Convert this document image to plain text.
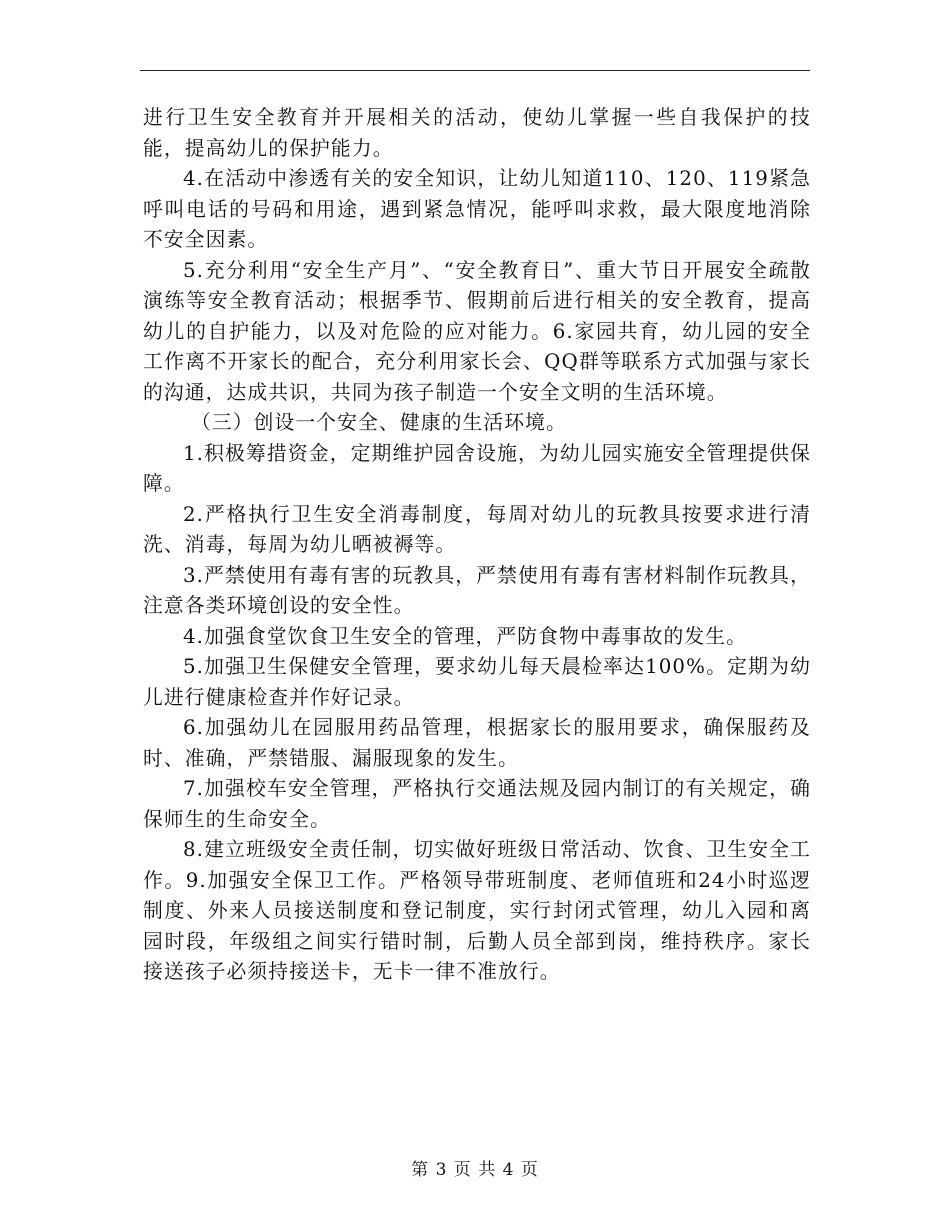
进行卫生安全教育并开展相关的活动，使幼儿掌握一些自我保护的技能，提高幼儿的保护能力。

4.在活动中渗透有关的安全知识，让幼儿知道110、120、119紧急呼叫电话的号码和用途，遇到紧急情况，能呼叫求救，最大限度地消除不安全因素。

5.充分利用“安全生产月”、“安全教育日”、重大节日开展安全疏散演练等安全教育活动；根据季节、假期前后进行相关的安全教育，提高幼儿的自护能力，以及对危险的应对能力。6.家园共育，幼儿园的安全工作离不开家长的配合，充分利用家长会、QQ群等联系方式加强与家长的沟通，达成共识，共同为孩子制造一个安全文明的生活环境。

（三）创设一个安全、健康的生活环境。

1.积极筹措资金，定期维护园舍设施，为幼儿园实施安全管理提供保障。

2.严格执行卫生安全消毒制度，每周对幼儿的玩教具按要求进行清洗、消毒，每周为幼儿晒被褥等。

3.严禁使用有毒有害的玩教具，严禁使用有毒有害材料制作玩教具，注意各类环境创设的安全性。

4.加强食堂饮食卫生安全的管理，严防食物中毒事故的发生。

5.加强卫生保健安全管理，要求幼儿每天晨检率达100%。定期为幼儿进行健康检查并作好记录。

6.加强幼儿在园服用药品管理，根据家长的服用要求，确保服药及时、准确，严禁错服、漏服现象的发生。

7.加强校车安全管理，严格执行交通法规及园内制订的有关规定，确保师生的生命安全。

8.建立班级安全责任制，切实做好班级日常活动、饮食、卫生安全工作。9.加强安全保卫工作。严格领导带班制度、老师值班和24小时巡逻制度、外来人员接送制度和登记制度，实行封闭式管理，幼儿入园和离园时段，年级组之间实行错时制，后勤人员全部到岗，维持秩序。家长接送孩子必须持接送卡，无卡一律不准放行。

第 3 页 共 4 页
